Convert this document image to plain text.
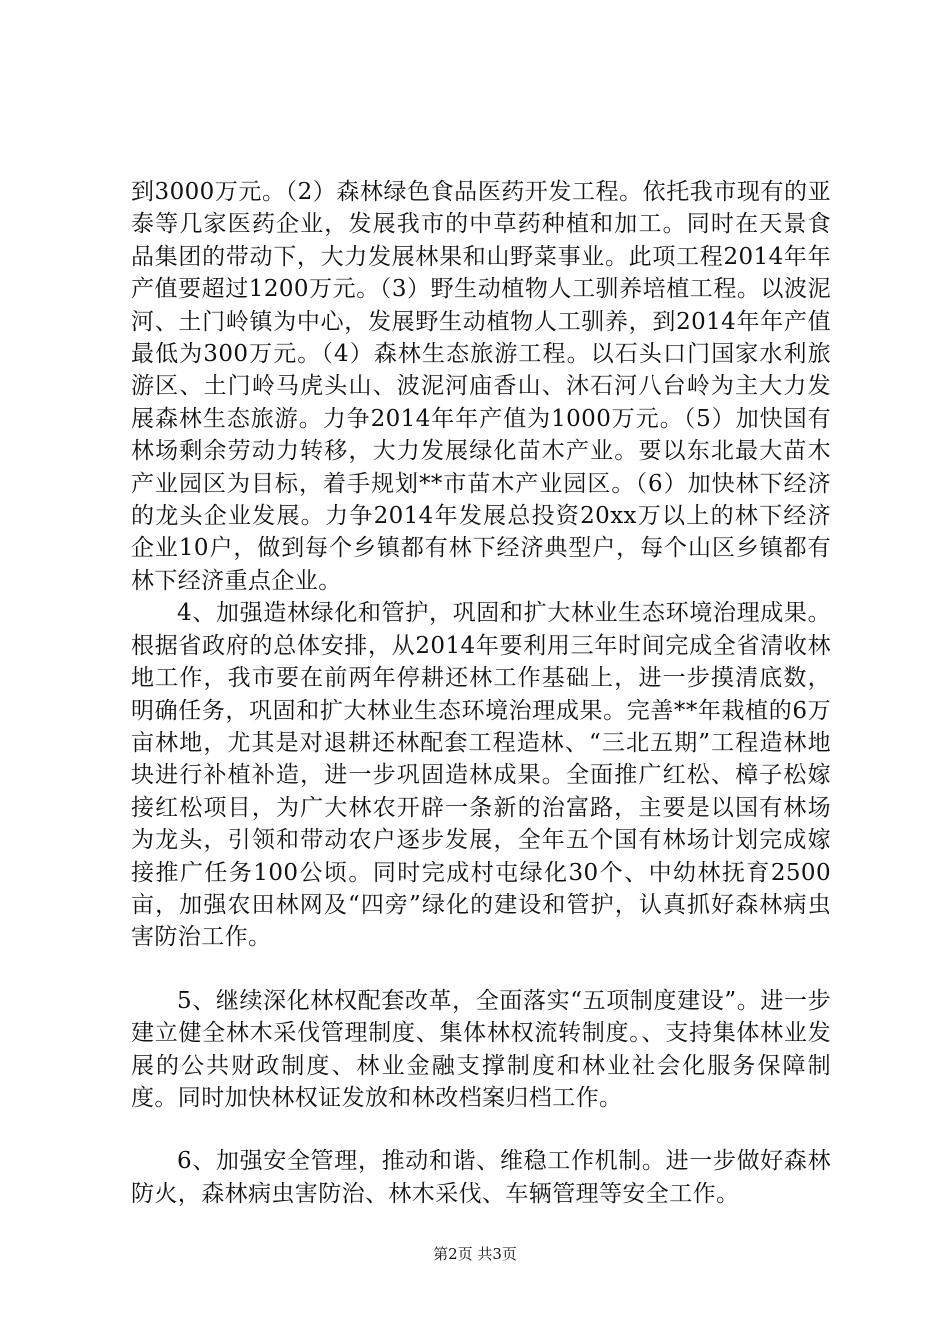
到3000万元。（2）森林绿色食品医药开发工程。依托我市现有的亚泰等几家医药企业，发展我市的中草药种植和加工。同时在天景食品集团的带动下，大力发展林果和山野菜事业。此项工程2014年年产值要超过1200万元。（3）野生动植物人工驯养培植工程。以波泥河、土门岭镇为中心，发展野生动植物人工驯养，到2014年年产值最低为300万元。（4）森林生态旅游工程。以石头口门国家水利旅游区、土门岭马虎头山、波泥河庙香山、沐石河八台岭为主大力发展森林生态旅游。力争2014年年产值为1000万元。（5）加快国有林场剩余劳动力转移，大力发展绿化苗木产业。要以东北最大苗木产业园区为目标，着手规划**市苗木产业园区。（6）加快林下经济的龙头企业发展。力争2014年发展总投资20xx万以上的林下经济企业10户，做到每个乡镇都有林下经济典型户，每个山区乡镇都有林下经济重点企业。

4、加强造林绿化和管护，巩固和扩大林业生态环境治理成果。根据省政府的总体安排，从2014年要利用三年时间完成全省清收林地工作，我市要在前两年停耕还林工作基础上，进一步摸清底数，明确任务，巩固和扩大林业生态环境治理成果。完善**年栽植的6万亩林地，尤其是对退耕还林配套工程造林、“三北五期”工程造林地块进行补植补造，进一步巩固造林成果。全面推广红松、樟子松嫁接红松项目，为广大林农开辟一条新的治富路，主要是以国有林场为龙头，引领和带动农户逐步发展，全年五个国有林场计划完成嫁接推广任务100公顷。同时完成村屯绿化30个、中幼林抚育2500亩，加强农田林网及“四旁”绿化的建设和管护，认真抓好森林病虫害防治工作。

5、继续深化林权配套改革，全面落实“五项制度建设”。进一步建立健全林木采伐管理制度、集体林权流转制度。、支持集体林业发展的公共财政制度、林业金融支撑制度和林业社会化服务保障制度。同时加快林权证发放和林改档案归档工作。

6、加强安全管理，推动和谐、维稳工作机制。进一步做好森林防火，森林病虫害防治、林木采伐、车辆管理等安全工作。

第2页 共3页
